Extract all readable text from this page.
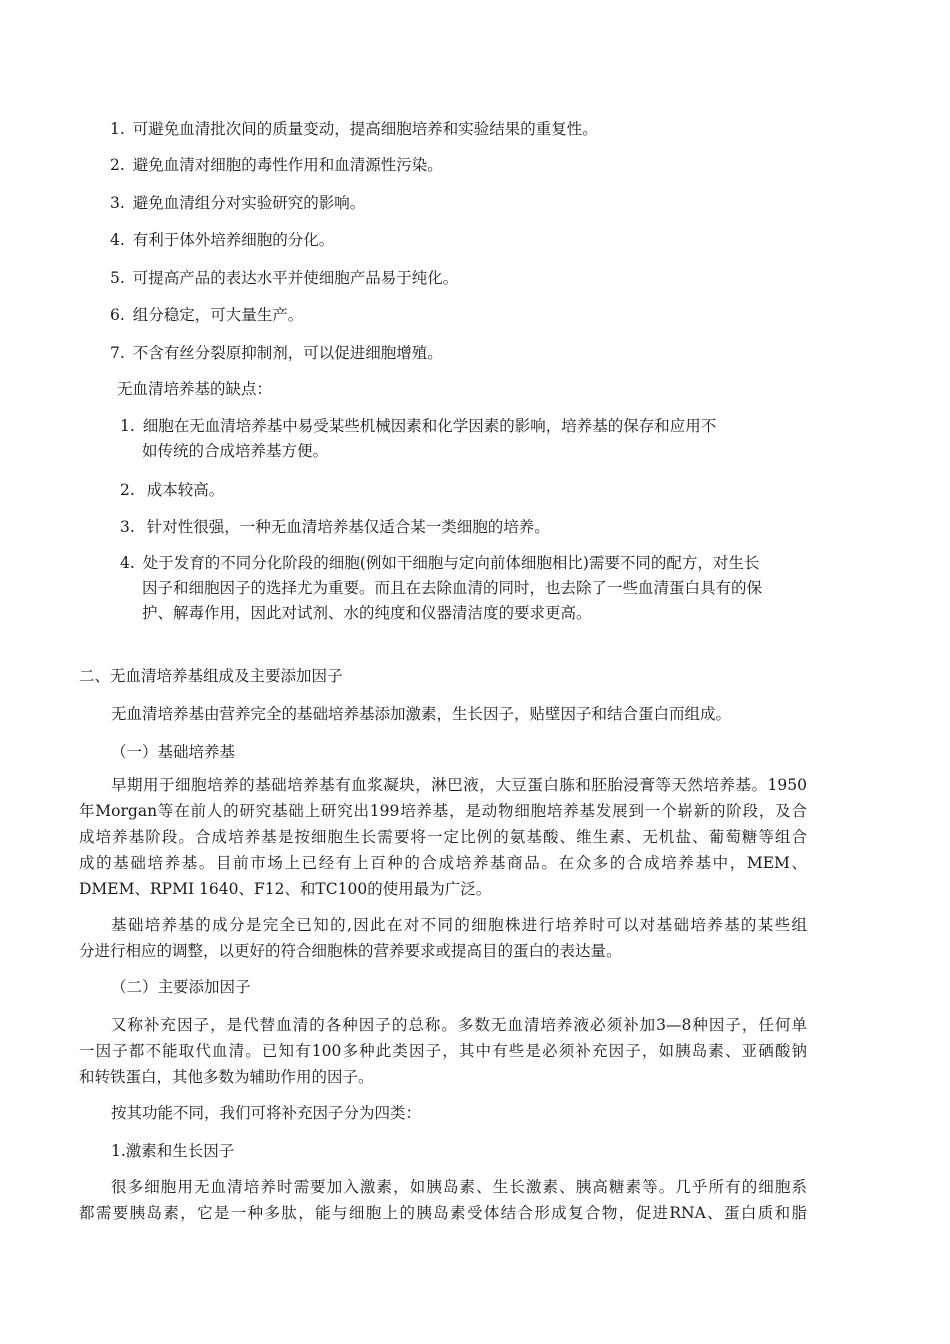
1. 可避免血清批次间的质量变动，提高细胞培养和实验结果的重复性。
2. 避免血清对细胞的毒性作用和血清源性污染。
3. 避免血清组分对实验研究的影响。
4. 有利于体外培养细胞的分化。
5. 可提高产品的表达水平并使细胞产品易于纯化。
6. 组分稳定，可大量生产。
7. 不含有丝分裂原抑制剂，可以促进细胞增殖。
无血清培养基的缺点：
1. 细胞在无血清培养基中易受某些机械因素和化学因素的影响，培养基的保存和应用不
如传统的合成培养基方便。
2. 成本较高。
3. 针对性很强，一种无血清培养基仅适合某一类细胞的培养。
4. 处于发育的不同分化阶段的细胞(例如干细胞与定向前体细胞相比)需要不同的配方，对生长
因子和细胞因子的选择尤为重要。而且在去除血清的同时，也去除了一些血清蛋白具有的保
护、解毒作用，因此对试剂、水的纯度和仪器清洁度的要求更高。
二、无血清培养基组成及主要添加因子
无血清培养基由营养完全的基础培养基添加激素，生长因子，贴壁因子和结合蛋白而组成。
（一）基础培养基
早期用于细胞培养的基础培养基有血浆凝块，淋巴液，大豆蛋白胨和胚胎浸膏等天然培养基。1950
年Morgan等在前人的研究基础上研究出199培养基，是动物细胞培养基发展到一个崭新的阶段，及合
成培养基阶段。合成培养基是按细胞生长需要将一定比例的氨基酸、维生素、无机盐、葡萄糖等组合
成的基础培养基。目前市场上已经有上百种的合成培养基商品。在众多的合成培养基中，MEM、
DMEM、RPMI 1640、F12、和TC100的使用最为广泛。
基础培养基的成分是完全已知的,因此在对不同的细胞株进行培养时可以对基础培养基的某些组
分进行相应的调整，以更好的符合细胞株的营养要求或提高目的蛋白的表达量。
（二）主要添加因子
又称补充因子，是代替血清的各种因子的总称。多数无血清培养液必须补加3—8种因子，任何单
一因子都不能取代血清。已知有100多种此类因子，其中有些是必须补充因子，如胰岛素、亚硒酸钠
和转铁蛋白，其他多数为辅助作用的因子。
按其功能不同，我们可将补充因子分为四类：
1.激素和生长因子
很多细胞用无血清培养时需要加入激素，如胰岛素、生长激素、胰高糖素等。几乎所有的细胞系
都需要胰岛素，它是一种多肽，能与细胞上的胰岛素受体结合形成复合物，促进RNA、蛋白质和脂
